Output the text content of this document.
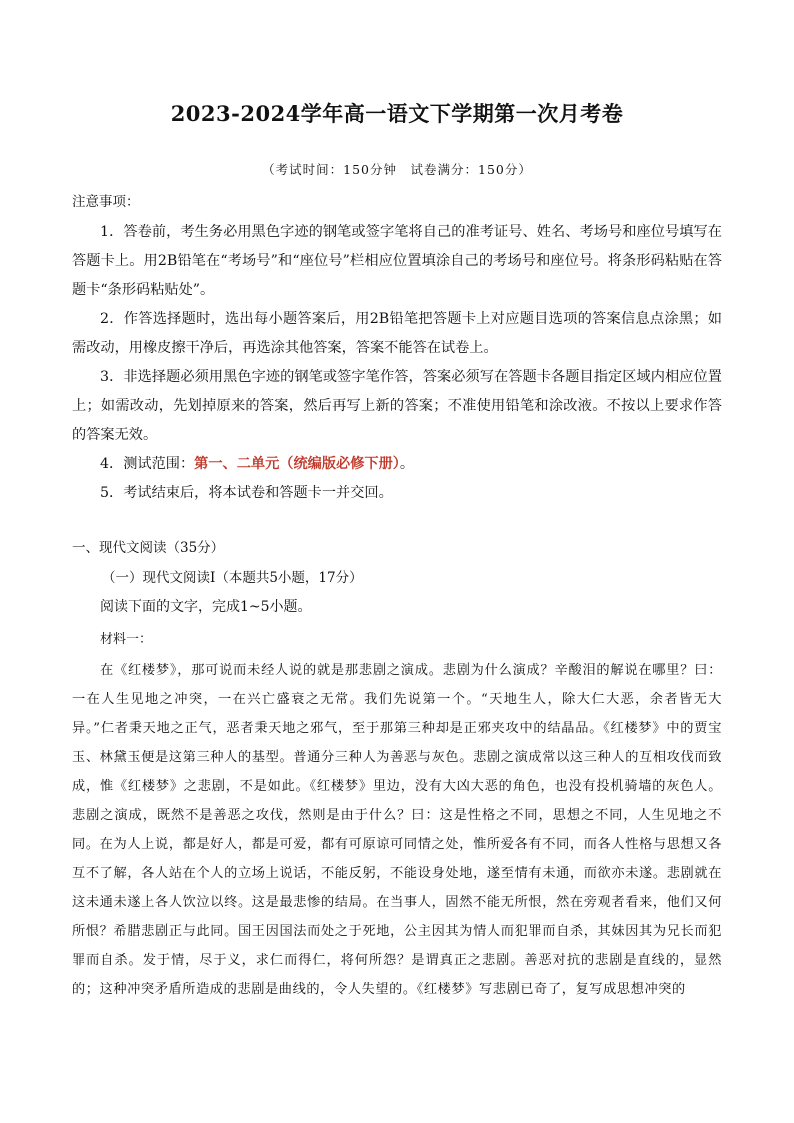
2023-2024学年高一语文下学期第一次月考卷
（考试时间：150分钟　试卷满分：150分）
注意事项：

1．答卷前，考生务必用黑色字迹的钢笔或签字笔将自己的准考证号、姓名、考场号和座位号填写在答题卡上。用2B铅笔在“考场号”和“座位号”栏相应位置填涂自己的考场号和座位号。将条形码粘贴在答题卡“条形码粘贴处”。

2．作答选择题时，选出每小题答案后，用2B铅笔把答题卡上对应题目选项的答案信息点涂黑；如需改动，用橡皮擦干净后，再选涂其他答案，答案不能答在试卷上。

3．非选择题必须用黑色字迹的钢笔或签字笔作答，答案必须写在答题卡各题目指定区域内相应位置上；如需改动，先划掉原来的答案，然后再写上新的答案；不准使用铅笔和涂改液。不按以上要求作答的答案无效。

4．测试范围：第一、二单元（统编版必修下册）。

5．考试结束后，将本试卷和答题卡一并交回。

一、现代文阅读（35分）
（一）现代文阅读Ⅰ（本题共5小题，17分）
阅读下面的文字，完成1~5小题。
材料一：

在《红楼梦》，那可说而未经人说的就是那悲剧之演成。悲剧为什么演成？辛酸泪的解说在哪里？曰：一在人生见地之冲突，一在兴亡盛衰之无常。我们先说第一个。“天地生人，除大仁大恶，余者皆无大异。”仁者秉天地之正气，恶者秉天地之邪气，至于那第三种却是正邪夹攻中的结晶品。《红楼梦》中的贾宝玉、林黛玉便是这第三种人的基型。普通分三种人为善恶与灰色。悲剧之演成常以这三种人的互相攻伐而致成，惟《红楼梦》之悲剧，不是如此。《红楼梦》里边，没有大凶大恶的角色，也没有投机骑墙的灰色人。悲剧之演成，既然不是善恶之攻伐，然则是由于什么？曰：这是性格之不同，思想之不同，人生见地之不同。在为人上说，都是好人，都是可爱，都有可原谅可同情之处，惟所爱各有不同，而各人性格与思想又各互不了解，各人站在个人的立场上说话，不能反躬，不能设身处地，遂至情有未通，而欲亦未遂。悲剧就在这未通未遂上各人饮泣以终。这是最悲惨的结局。在当事人，固然不能无所恨，然在旁观者看来，他们又何所恨？希腊悲剧正与此同。国王因国法而处之于死地，公主因其为情人而犯罪而自杀，其妹因其为兄长而犯罪而自杀。发于情，尽于义，求仁而得仁，将何所怨？是谓真正之悲剧。善恶对抗的悲剧是直线的，显然的；这种冲突矛盾所造成的悲剧是曲线的，令人失望的。《红楼梦》写悲剧已奇了，复写成思想冲突的
